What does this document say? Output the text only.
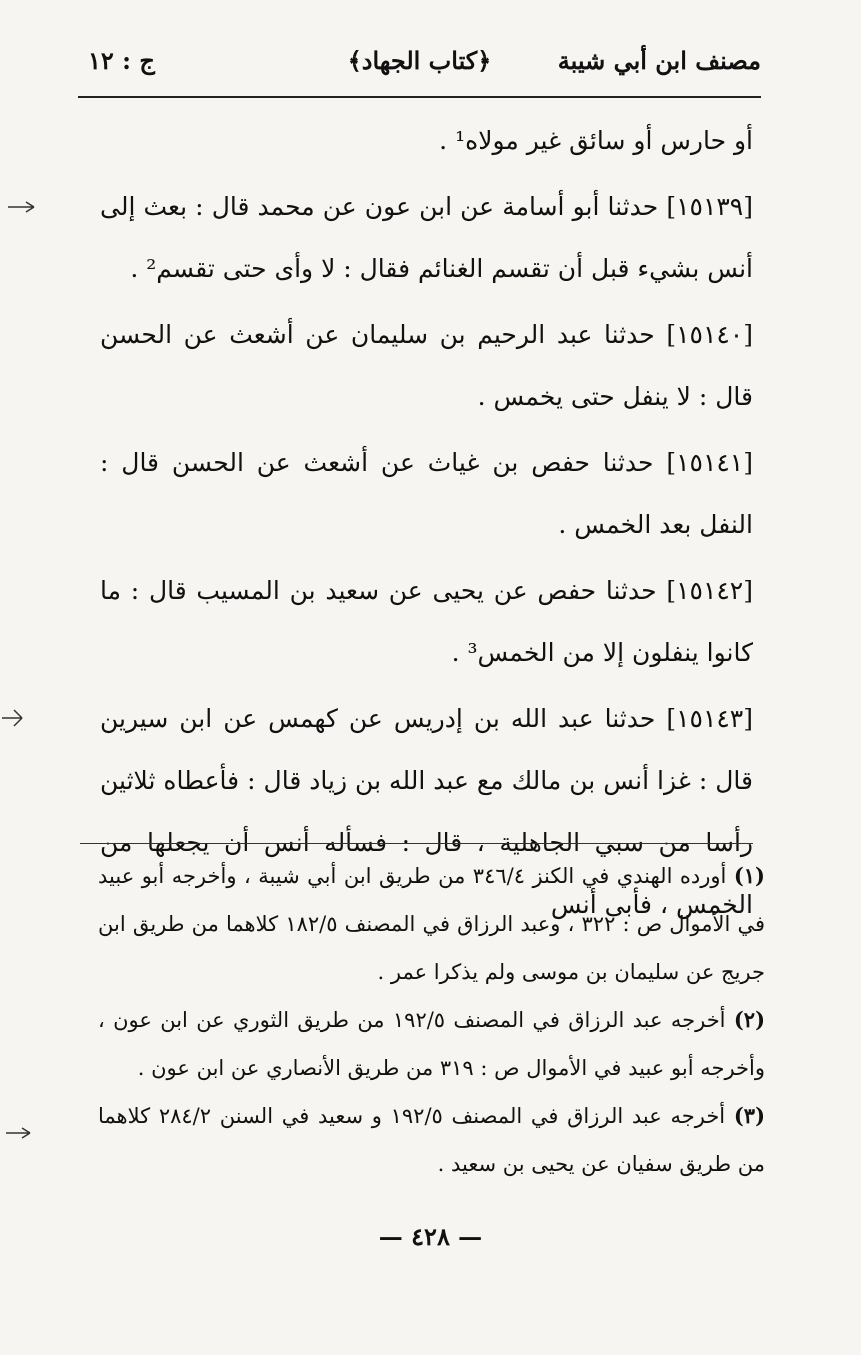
مصنف ابن أبي شيبة
﴿كتاب الجهاد﴾
ج : ١٢

أو حارس أو سائق غير مولاه¹ .

[١٥١٣٩] حدثنا أبو أسامة عن ابن عون عن محمد قال : بعث إلى أنس بشيء قبل أن تقسم الغنائم فقال : لا وأى حتى تقسم² .

[١٥١٤٠] حدثنا عبد الرحيم بن سليمان عن أشعث عن الحسن قال : لا ينفل حتى يخمس .

[١٥١٤١] حدثنا حفص بن غياث عن أشعث عن الحسن قال : النفل بعد الخمس .

[١٥١٤٢] حدثنا حفص عن يحيى عن سعيد بن المسيب قال : ما كانوا ينفلون إلا من الخمس³ .

[١٥١٤٣] حدثنا عبد الله بن إدريس عن كهمس عن ابن سيرين قال : غزا أنس بن مالك مع عبد الله بن زياد قال : فأعطاه ثلاثين رأسا من سبي الجاهلية ، قال : فسأله أنس أن يجعلها من الخمس ، فأبى أنس

(١) أورده الهندي في الكنز ٣٤٦/٤ من طريق ابن أبي شيبة ، وأخرجه أبو عبيد في الأموال ص : ٣٢٢ ، وعبد الرزاق في المصنف ١٨٢/٥ كلاهما من طريق ابن جريج عن سليمان بن موسى ولم يذكرا عمر .

(٢) أخرجه عبد الرزاق في المصنف ١٩٢/٥ من طريق الثوري عن ابن عون ، وأخرجه أبو عبيد في الأموال ص : ٣١٩ من طريق الأنصاري عن ابن عون .

(٣) أخرجه عبد الرزاق في المصنف ١٩٢/٥ و سعيد في السنن ٢٨٤/٢ كلاهما من طريق سفيان عن يحيى بن سعيد .

— ٤٢٨ —
